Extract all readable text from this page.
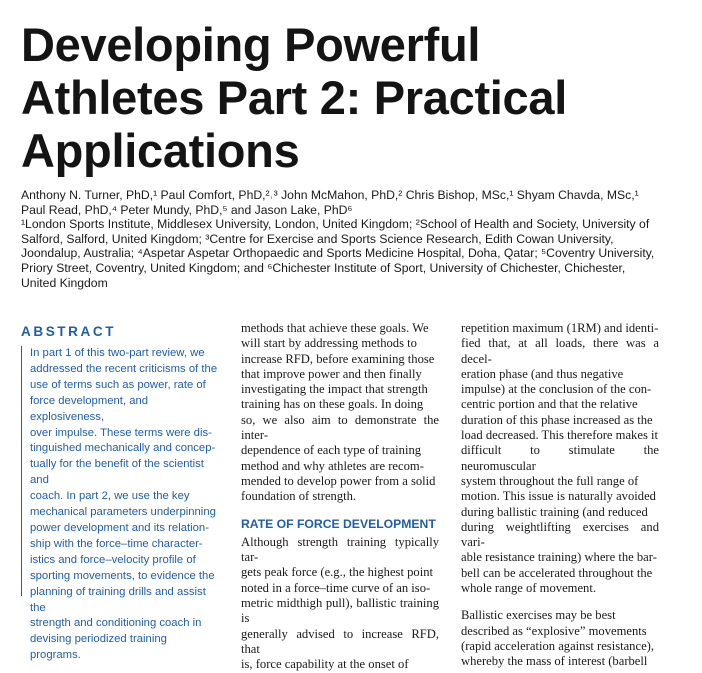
Developing Powerful
Athletes Part 2: Practical
Applications
Anthony N. Turner, PhD,¹ Paul Comfort, PhD,²˒³ John McMahon, PhD,² Chris Bishop, MSc,¹ Shyam Chavda, MSc,¹
Paul Read, PhD,⁴ Peter Mundy, PhD,⁵ and Jason Lake, PhD⁶
¹London Sports Institute, Middlesex University, London, United Kingdom; ²School of Health and Society, University of
Salford, Salford, United Kingdom; ³Centre for Exercise and Sports Science Research, Edith Cowan University,
Joondalup, Australia; ⁴Aspetar Aspetar Orthopaedic and Sports Medicine Hospital, Doha, Qatar; ⁵Coventry University,
Priory Street, Coventry, United Kingdom; and ⁶Chichester Institute of Sport, University of Chichester, Chichester,
United Kingdom
ABSTRACT
In part 1 of this two-part review, we
addressed the recent criticisms of the
use of terms such as power, rate of
force development, and explosiveness,
over impulse. These terms were dis-
tinguished mechanically and concep-
tually for the benefit of the scientist and
coach. In part 2, we use the key
mechanical parameters underpinning
power development and its relation-
ship with the force–time character-
istics and force–velocity profile of
sporting movements, to evidence the
planning of training drills and assist the
strength and conditioning coach in
devising periodized training programs.
methods that achieve these goals. We
will start by addressing methods to
increase RFD, before examining those
that improve power and then finally
investigating the impact that strength
training has on these goals. In doing
so, we also aim to demonstrate the inter-
dependence of each type of training
method and why athletes are recom-
mended to develop power from a solid
foundation of strength.
RATE OF FORCE DEVELOPMENT
Although strength training typically tar-
gets peak force (e.g., the highest point
noted in a force–time curve of an iso-
metric midthigh pull), ballistic training is
generally advised to increase RFD, that
is, force capability at the onset of
repetition maximum (1RM) and identi-
fied that, at all loads, there was a decel-
eration phase (and thus negative
impulse) at the conclusion of the con-
centric portion and that the relative
duration of this phase increased as the
load decreased. This therefore makes it
difficult to stimulate the neuromuscular
system throughout the full range of
motion. This issue is naturally avoided
during ballistic training (and reduced
during weightlifting exercises and vari-
able resistance training) where the bar-
bell can be accelerated throughout the
whole range of movement.
Ballistic exercises may be best
described as “explosive” movements
(rapid acceleration against resistance),
whereby the mass of interest (barbell
